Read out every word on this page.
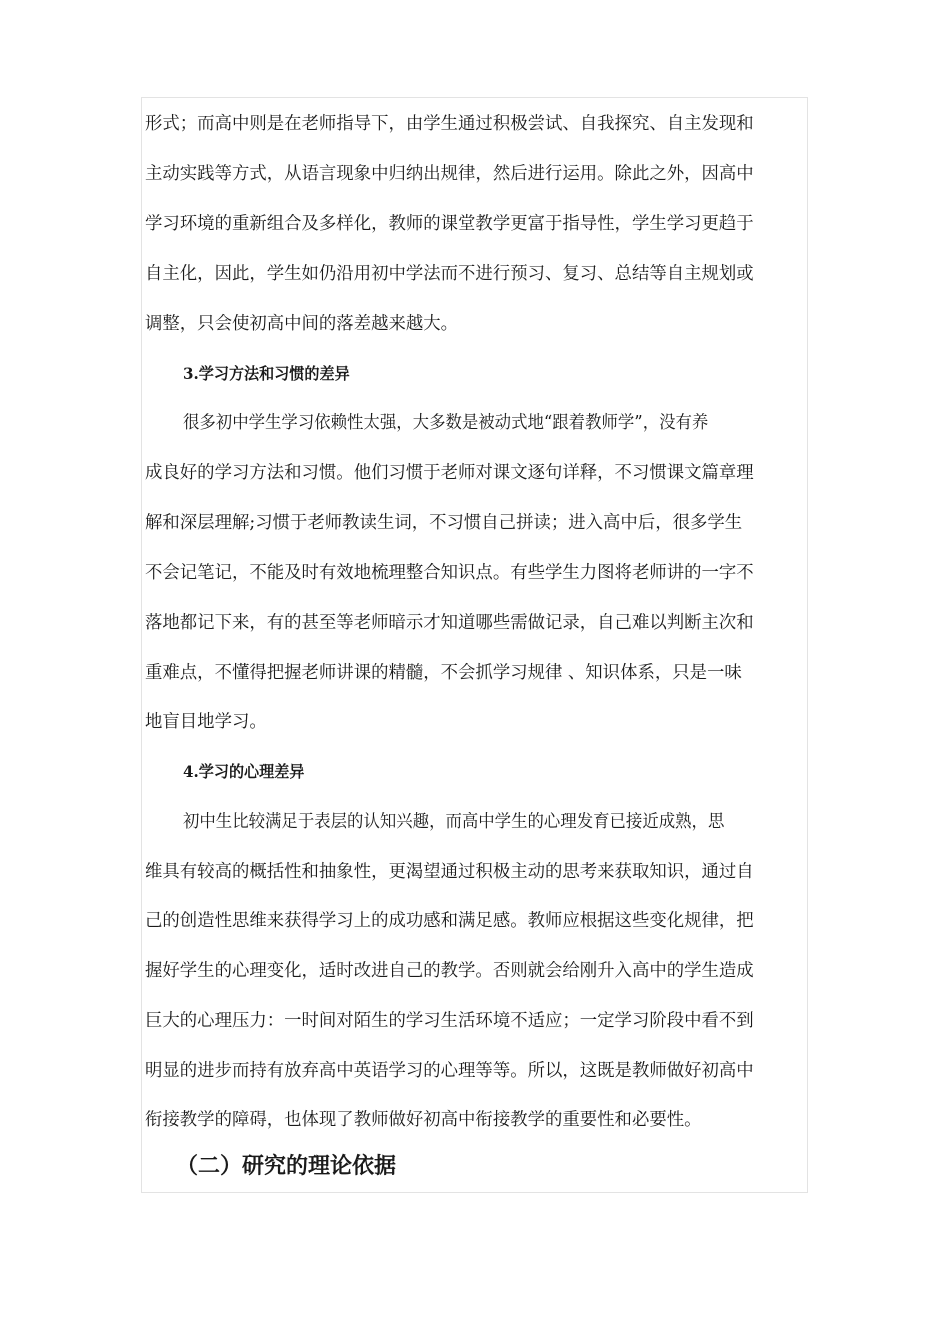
形式；而高中则是在老师指导下，由学生通过积极尝试、自我探究、自主发现和
主动实践等方式，从语言现象中归纳出规律，然后进行运用。除此之外，因高中
学习环境的重新组合及多样化，教师的课堂教学更富于指导性，学生学习更趋于
自主化，因此，学生如仍沿用初中学法而不进行预习、复习、总结等自主规划或
调整，只会使初高中间的落差越来越大。
3.学习方法和习惯的差异
很多初中学生学习依赖性太强，大多数是被动式地“跟着教师学”，没有养
成良好的学习方法和习惯。他们习惯于老师对课文逐句详释，不习惯课文篇章理
解和深层理解;习惯于老师教读生词，不习惯自己拼读；进入高中后，很多学生
不会记笔记，不能及时有效地梳理整合知识点。有些学生力图将老师讲的一字不
落地都记下来，有的甚至等老师暗示才知道哪些需做记录，自己难以判断主次和
重难点，不懂得把握老师讲课的精髓，不会抓学习规律 、知识体系，只是一味
地盲目地学习。
4.学习的心理差异
初中生比较满足于表层的认知兴趣，而高中学生的心理发育已接近成熟，思
维具有较高的概括性和抽象性，更渴望通过积极主动的思考来获取知识，通过自
己的创造性思维来获得学习上的成功感和满足感。教师应根据这些变化规律，把
握好学生的心理变化，适时改进自己的教学。否则就会给刚升入高中的学生造成
巨大的心理压力：一时间对陌生的学习生活环境不适应；一定学习阶段中看不到
明显的进步而持有放弃高中英语学习的心理等等。所以，这既是教师做好初高中
衔接教学的障碍，也体现了教师做好初高中衔接教学的重要性和必要性。
（二）研究的理论依据
